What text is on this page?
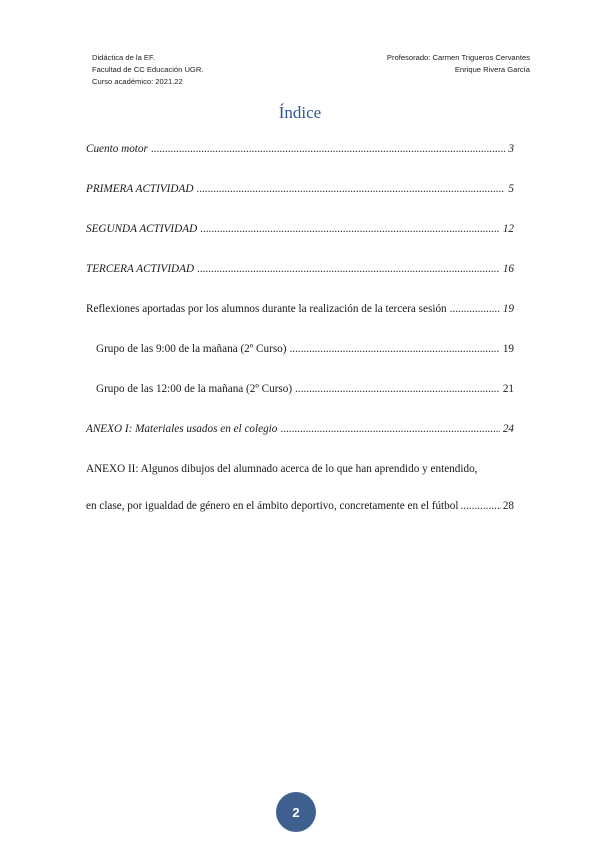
Didáctica de la EF.
Facultad de CC Educación UGR.
Curso académico: 2021.22
Profesorado: Carmen Trigueros Cervantes
Enrique Rivera García
Índice
Cuento motor .....	3
PRIMERA ACTIVIDAD .....	5
SEGUNDA ACTIVIDAD .....	12
TERCERA ACTIVIDAD .....	16
Reflexiones aportadas por los alumnos durante la realización de la tercera sesión .....	19
Grupo de las 9:00 de la mañana (2º Curso) .....	19
Grupo de las 12:00 de la mañana (2º Curso) .....	21
ANEXO I: Materiales usados en el colegio .....	24
ANEXO II: Algunos dibujos del alumnado acerca de lo que han aprendido y entendido,
en clase, por igualdad de género en el ámbito deportivo, concretamente en el fútbol .....	28
2
